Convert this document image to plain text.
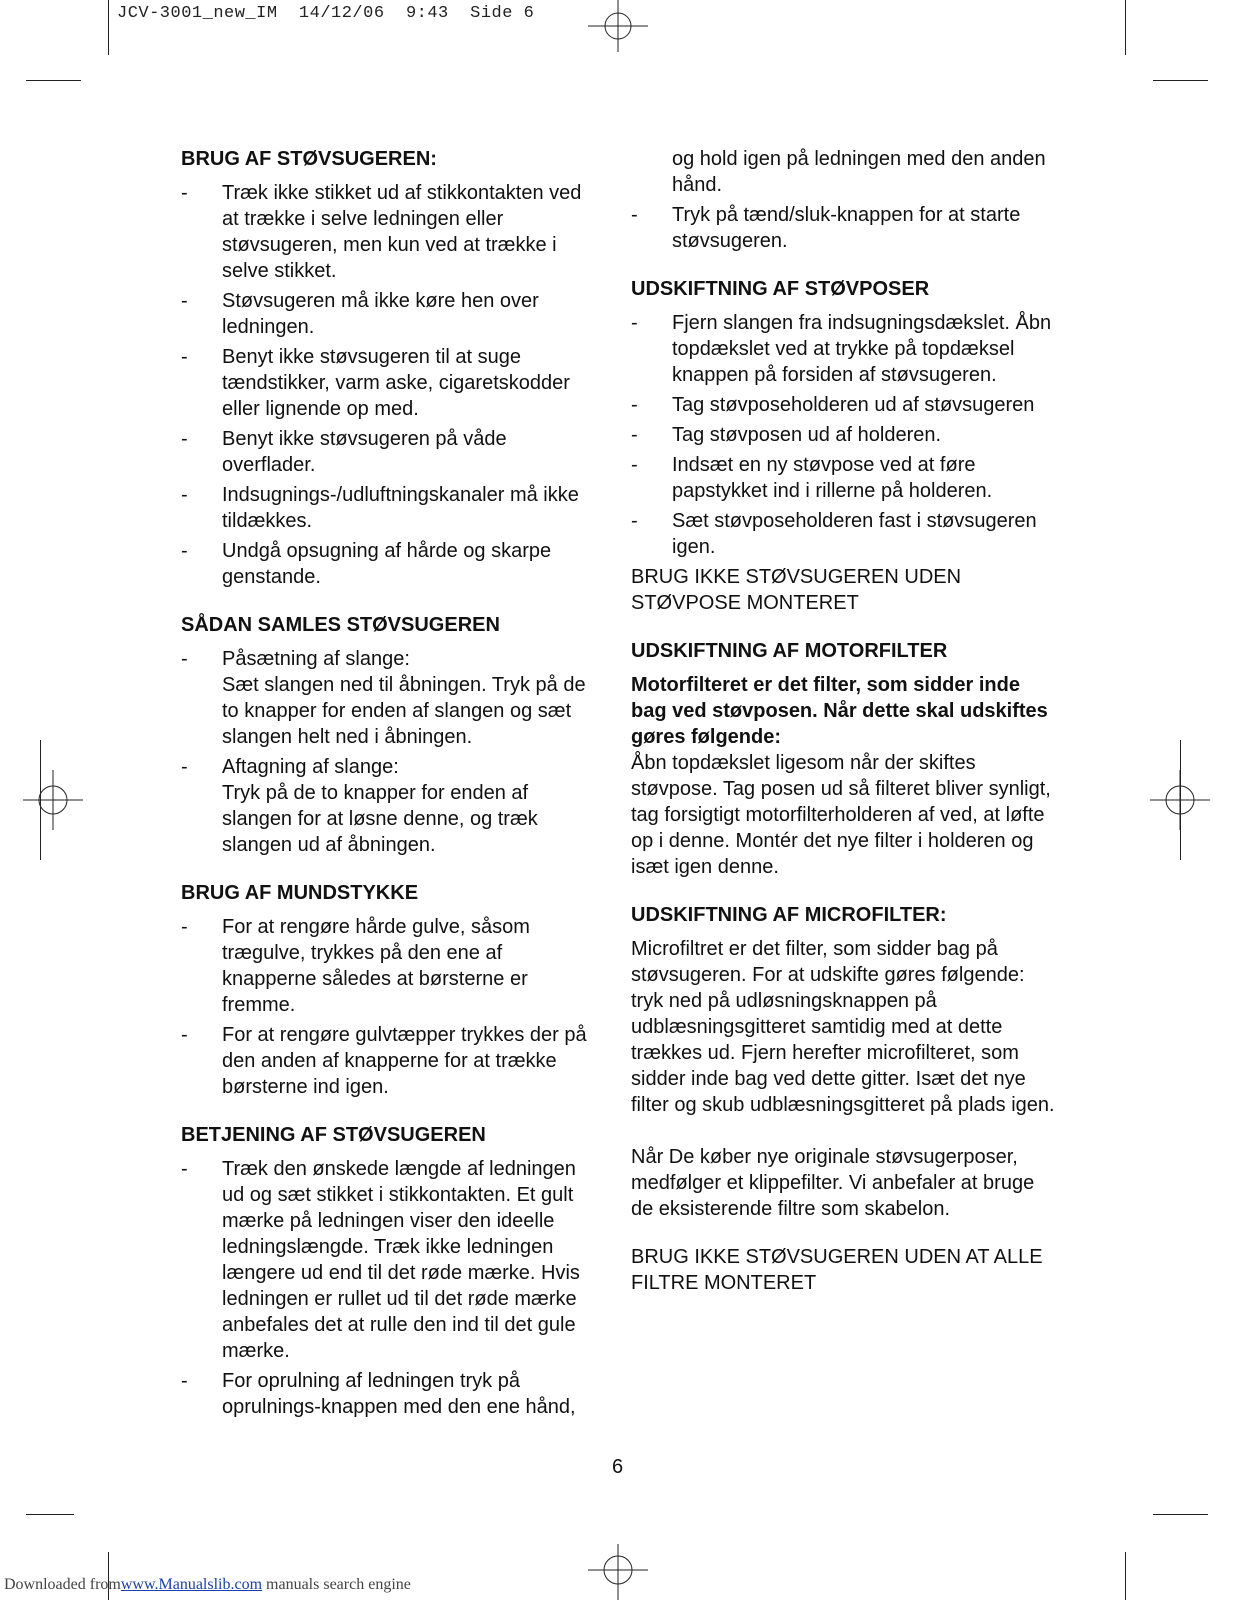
JCV-3001_new_IM  14/12/06  9:43  Side 6
BRUG AF STØVSUGEREN:
- Træk ikke stikket ud af stikkontakten ved at trække i selve ledningen eller støvsugeren, men kun ved at trække i selve stikket.
- Støvsugeren må ikke køre hen over ledningen.
- Benyt ikke støvsugeren til at suge tændstikker, varm aske, cigaretskodder eller lignende op med.
- Benyt ikke støvsugeren på våde overflader.
- Indsugnings-/udluftningskanaler må ikke tildækkes.
- Undgå opsugning af hårde og skarpe genstande.
SÅDAN SAMLES STØVSUGEREN
- Påsætning af slange:
Sæt slangen ned til åbningen. Tryk på de to knapper for enden af slangen og sæt slangen helt ned i åbningen.
- Aftagning af slange:
Tryk på de to knapper for enden af slangen for at løsne denne, og træk slangen ud af åbningen.
BRUG AF MUNDSTYKKE
- For at rengøre hårde gulve, såsom trægulve, trykkes på den ene af knapperne således at børsterne er fremme.
- For at rengøre gulvtæpper trykkes der på den anden af knapperne for at trække børsterne ind igen.
BETJENING AF STØVSUGEREN
- Træk den ønskede længde af ledningen ud og sæt stikket i stikkontakten. Et gult mærke på ledningen viser den ideelle ledningslængde. Træk ikke ledningen længere ud end til det røde mærke. Hvis ledningen er rullet ud til det røde mærke anbefales det at rulle den ind til det gule mærke.
- For oprulning af ledningen tryk på oprulnings-knappen med den ene hånd,
og hold igen på ledningen med den anden hånd.
- Tryk på tænd/sluk-knappen for at starte støvsugeren.
UDSKIFTNING AF STØVPOSER
- Fjern slangen fra indsugningsdækslet. Åbn topdækslet ved at trykke på topdæksel knappen på forsiden af støvsugeren.
- Tag støvposeholderen ud af støvsugeren
- Tag støvposen ud af holderen.
- Indsæt en ny støvpose ved at føre papstykket ind i rillerne på holderen.
- Sæt støvposeholderen fast i støvsugeren igen.

BRUG IKKE STØVSUGEREN UDEN STØVPOSE MONTERET

UDSKIFTNING AF MOTORFILTER

Motorfilteret er det filter, som sidder inde bag ved støvposen. Når dette skal udskiftes gøres følgende:

Åbn topdækslet ligesom når der skiftes støvpose. Tag posen ud så filteret bliver synligt, tag forsigtigt motorfilterholderen af ved, at løfte op i denne. Montér det nye filter i holderen og isæt igen denne.

UDSKIFTNING AF MICROFILTER:

Microfiltret er det filter, som sidder bag på støvsugeren. For at udskifte gøres følgende: tryk ned på udløsningsknappen på udblæsningsgitteret samtidig med at dette trækkes ud. Fjern herefter microfilteret, som sidder inde bag ved dette gitter. Isæt det nye filter og skub udblæsningsgitteret på plads igen.

Når De køber nye originale støvsugerposer, medfølger et klippefilter. Vi anbefaler at bruge de eksisterende filtre som skabelon.

BRUG IKKE STØVSUGEREN UDEN AT ALLE FILTRE MONTERET

6
Downloaded fromwww.Manualslib.com manuals search engine
